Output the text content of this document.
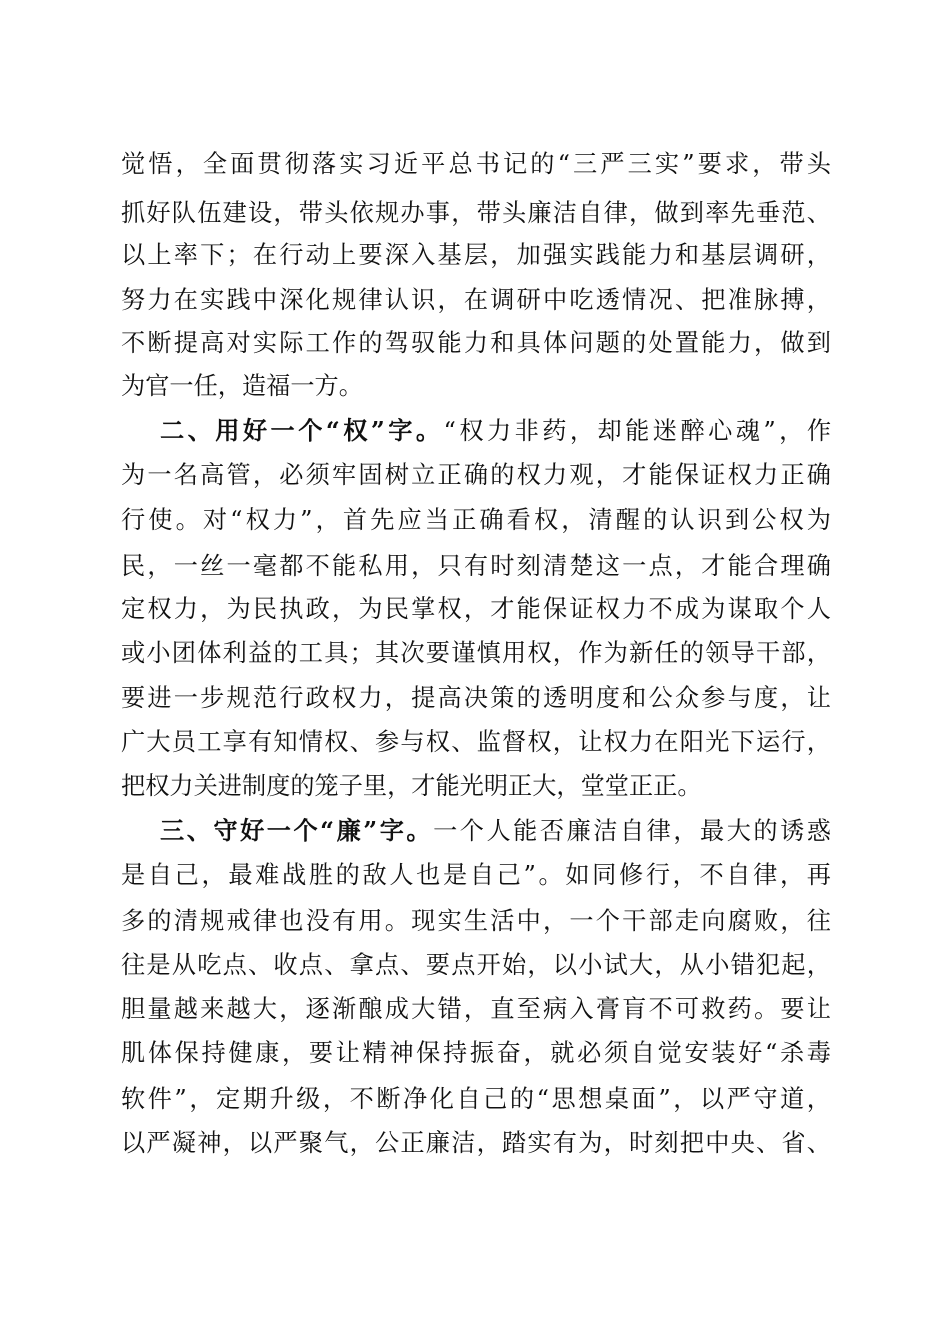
觉悟，全面贯彻落实习近平总书记的“三严三实”要求，带头
抓好队伍建设，带头依规办事，带头廉洁自律，做到率先垂范、
以上率下；在行动上要深入基层，加强实践能力和基层调研，
努力在实践中深化规律认识，在调研中吃透情况、把准脉搏，
不断提高对实际工作的驾驭能力和具体问题的处置能力，做到
为官一任，造福一方。
二、用好一个“权”字。“权力非药，却能迷醉心魂”，作
为一名高管，必须牢固树立正确的权力观，才能保证权力正确
行使。对“权力”，首先应当正确看权，清醒的认识到公权为
民，一丝一毫都不能私用，只有时刻清楚这一点，才能合理确
定权力，为民执政，为民掌权，才能保证权力不成为谋取个人
或小团体利益的工具；其次要谨慎用权，作为新任的领导干部，
要进一步规范行政权力，提高决策的透明度和公众参与度，让
广大员工享有知情权、参与权、监督权，让权力在阳光下运行，
把权力关进制度的笼子里，才能光明正大，堂堂正正。
三、守好一个“廉”字。一个人能否廉洁自律，最大的诱惑
是自己，最难战胜的敌人也是自己”。如同修行，不自律，再
多的清规戒律也没有用。现实生活中，一个干部走向腐败，往
往是从吃点、收点、拿点、要点开始，以小试大，从小错犯起，
胆量越来越大，逐渐酿成大错，直至病入膏肓不可救药。要让
肌体保持健康，要让精神保持振奋，就必须自觉安装好“杀毒
软件”，定期升级，不断净化自己的“思想桌面”，以严守道，
以严凝神，以严聚气，公正廉洁，踏实有为，时刻把中央、省、
